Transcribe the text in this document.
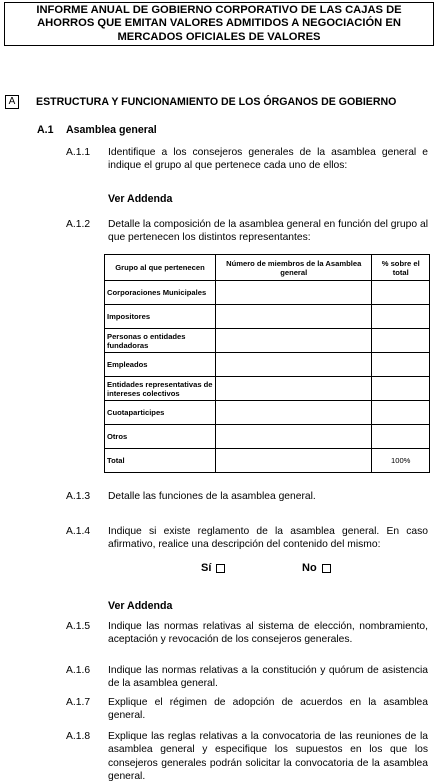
INFORME ANUAL DE GOBIERNO CORPORATIVO DE LAS CAJAS DE
AHORROS QUE EMITAN VALORES ADMITIDOS A NEGOCIACIÓN EN
MERCADOS OFICIALES DE VALORES

A	ESTRUCTURA Y FUNCIONAMIENTO DE LOS ÓRGANOS DE GOBIERNO
A.1 Asamblea general
A.1.1 Identifique a los consejeros generales de la asamblea general e indique el grupo al que pertenece cada uno de ellos:
Ver Addenda
A.1.2 Detalle la composición de la asamblea general en función del grupo al que pertenecen los distintos representantes:
Grupo al que pertenecen	Número de miembros de la Asamblea general	% sobre el total
Corporaciones Municipales		
Impositores		
Personas o entidades fundadoras		
Empleados		
Entidades representativas de intereses colectivos		
Cuotaparticipes		
Otros		
Total		100%
A.1.3 Detalle las funciones de la asamblea general.
A.1.4 Indique si existe reglamento de la asamblea general. En caso afirmativo, realice una descripción del contenido del mismo:
Sí	No
Ver Addenda
A.1.5 Indique las normas relativas al sistema de elección, nombramiento, aceptación y revocación de los consejeros generales.
A.1.6 Indique las normas relativas a la constitución y quórum de asistencia de la asamblea general.
A.1.7 Explique el régimen de adopción de acuerdos en la asamblea general.
A.1.8 Explique las reglas relativas a la convocatoria de las reuniones de la asamblea general y especifique los supuestos en los que los consejeros generales podrán solicitar la convocatoria de la asamblea general.
